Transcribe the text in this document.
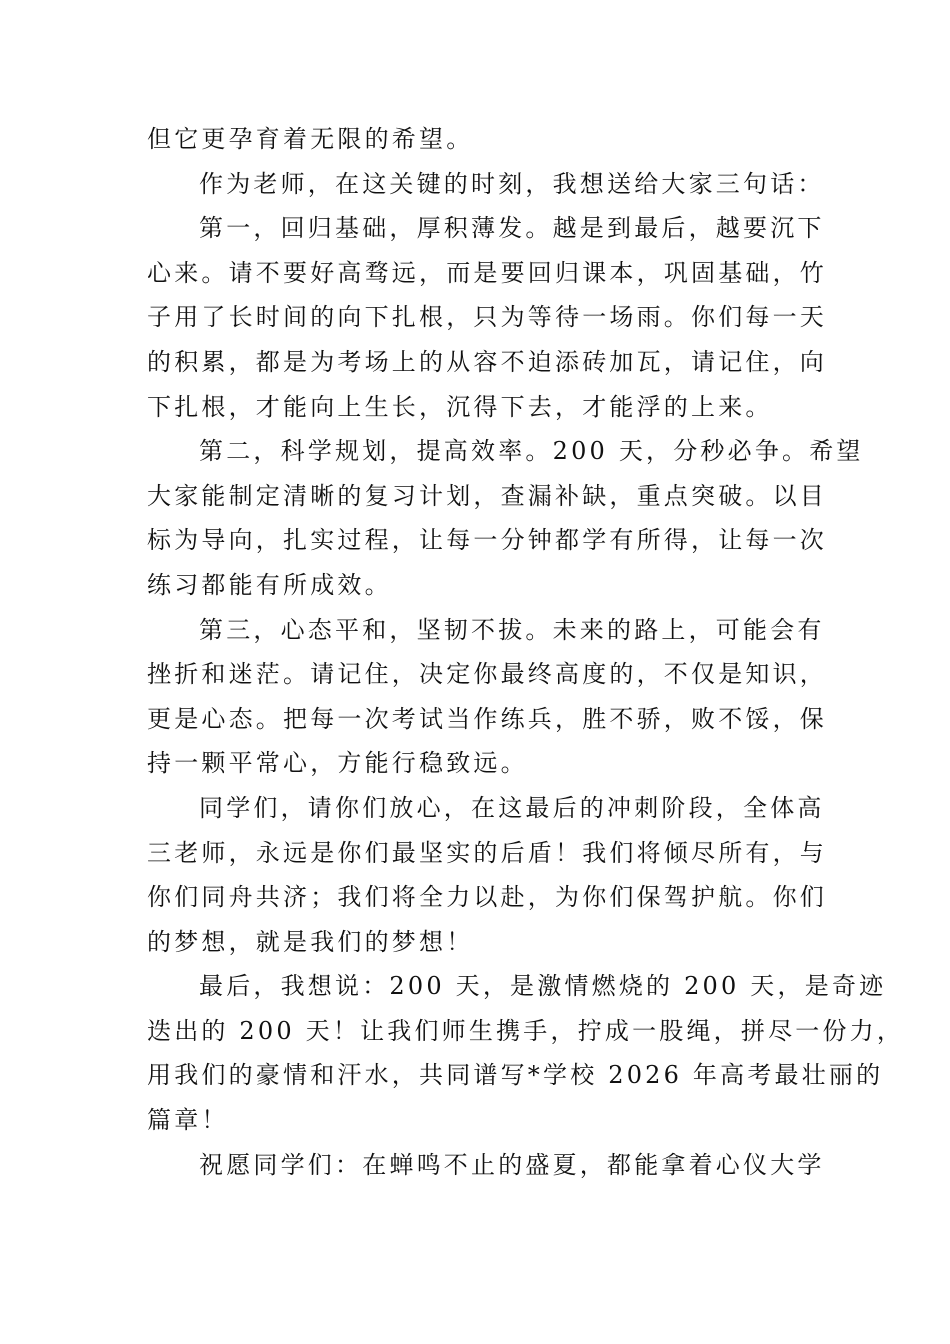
但它更孕育着无限的希望。

作为老师，在这关键的时刻，我想送给大家三句话：

第一，回归基础，厚积薄发。越是到最后，越要沉下
心来。请不要好高骛远，而是要回归课本，巩固基础，竹
子用了长时间的向下扎根，只为等待一场雨。你们每一天
的积累，都是为考场上的从容不迫添砖加瓦，请记住，向
下扎根，才能向上生长，沉得下去，才能浮的上来。

第二，科学规划，提高效率。200 天，分秒必争。希望
大家能制定清晰的复习计划，查漏补缺，重点突破。以目
标为导向，扎实过程，让每一分钟都学有所得，让每一次
练习都能有所成效。

第三，心态平和，坚韧不拔。未来的路上，可能会有
挫折和迷茫。请记住，决定你最终高度的，不仅是知识，
更是心态。把每一次考试当作练兵，胜不骄，败不馁，保
持一颗平常心，方能行稳致远。

同学们，请你们放心，在这最后的冲刺阶段，全体高
三老师，永远是你们最坚实的后盾！我们将倾尽所有，与
你们同舟共济；我们将全力以赴，为你们保驾护航。你们
的梦想，就是我们的梦想！

最后，我想说：200 天，是激情燃烧的 200 天，是奇迹
迭出的 200 天！让我们师生携手，拧成一股绳，拼尽一份力，
用我们的豪情和汗水，共同谱写*学校 2026 年高考最壮丽的
篇章！

祝愿同学们：在蝉鸣不止的盛夏，都能拿着心仪大学
